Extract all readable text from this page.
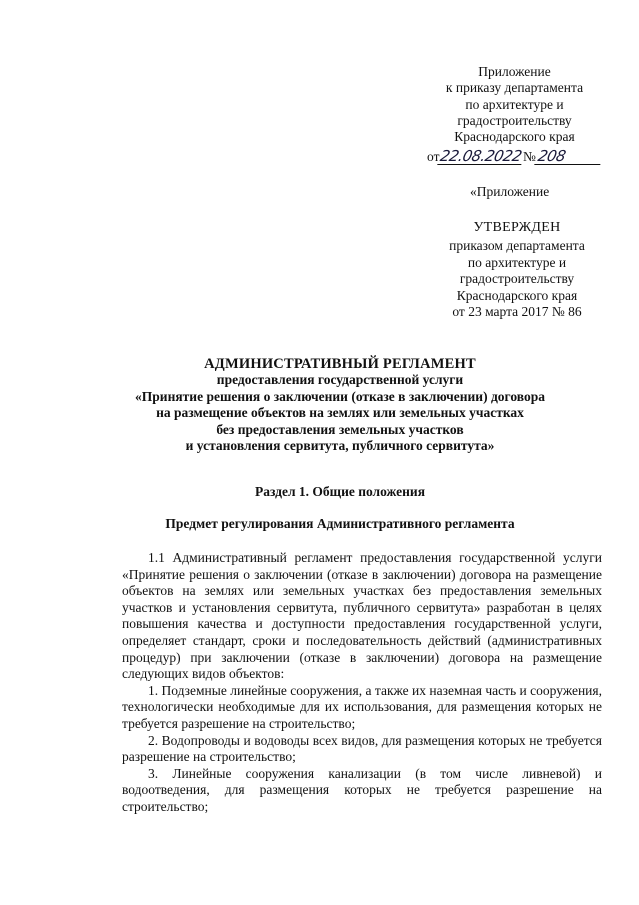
Приложение
к приказу департамента
по архитектуре и
градостроительству
Краснодарского края
от 22.08.2022 № 208
«Приложение
УТВЕРЖДЕН
приказом департамента
по архитектуре и
градостроительству
Краснодарского края
от 23 марта 2017 № 86
АДМИНИСТРАТИВНЫЙ РЕГЛАМЕНТ
предоставления государственной услуги
«Принятие решения о заключении (отказе в заключении) договора
на размещение объектов на землях или земельных участках
без предоставления земельных участков
и установления сервитута, публичного сервитута»
Раздел 1. Общие положения
Предмет регулирования Административного регламента

1.1 Административный регламент предоставления государственной услуги «Принятие решения о заключении (отказе в заключении) договора на размещение объектов на землях или земельных участках без предоставления земельных участков и установления сервитута, публичного сервитута» разработан в целях повышения качества и доступности предоставления государственной услуги, определяет стандарт, сроки и последовательность действий (административных процедур) при заключении (отказе в заключении) договора на размещение следующих видов объектов:

1. Подземные линейные сооружения, а также их наземная часть и сооружения, технологически необходимые для их использования, для размещения которых не требуется разрешение на строительство;

2. Водопроводы и водоводы всех видов, для размещения которых не требуется разрешение на строительство;

3. Линейные сооружения канализации (в том числе ливневой) и водоотведения, для размещения которых не требуется разрешение на строительство;
